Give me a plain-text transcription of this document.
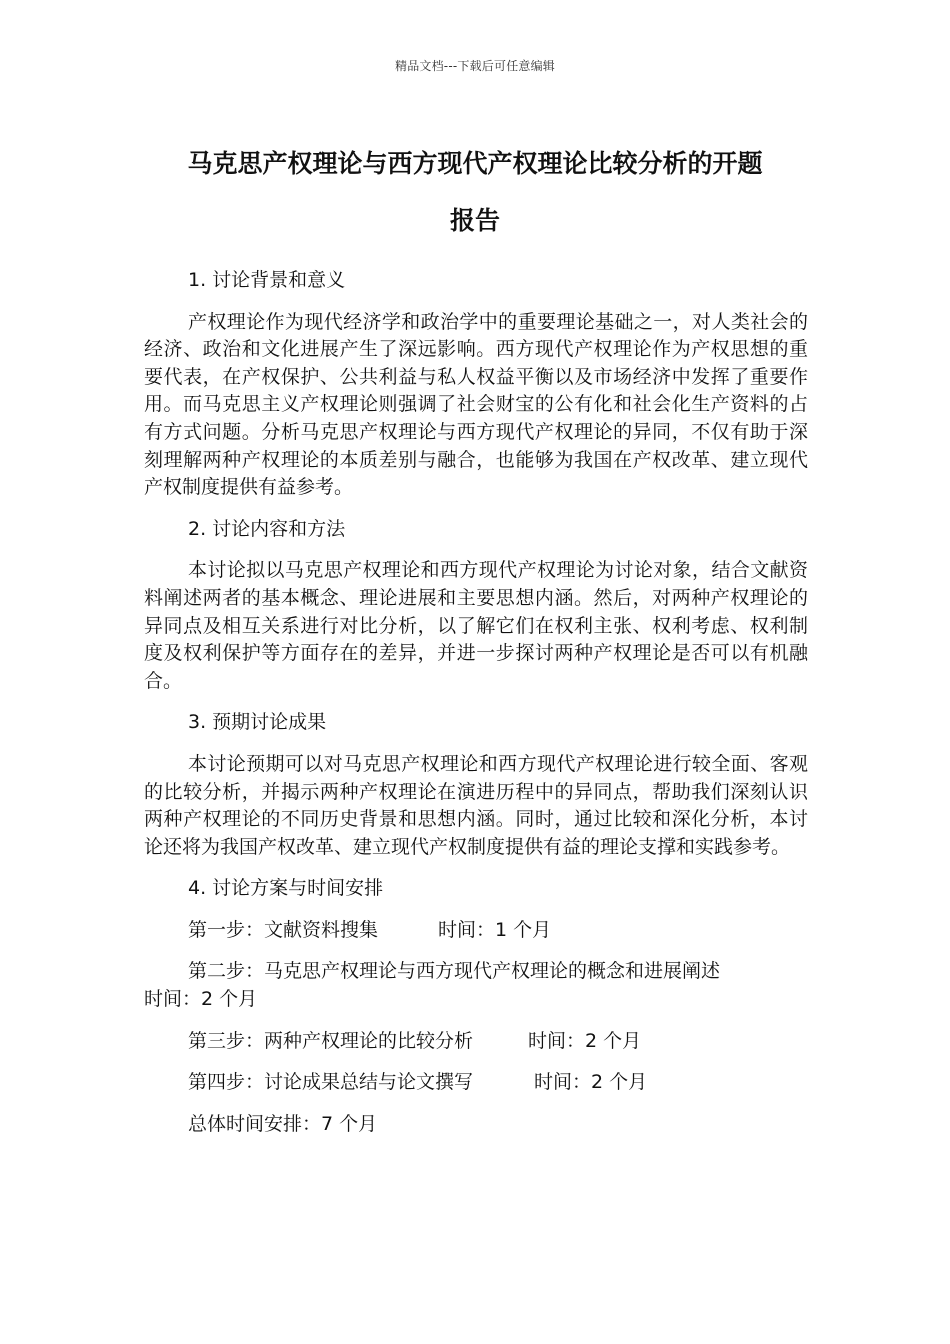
精品文档---下载后可任意编辑
马克思产权理论与西方现代产权理论比较分析的开题
报告

1. 讨论背景和意义

产权理论作为现代经济学和政治学中的重要理论基础之一，对人类社会的经济、政治和文化进展产生了深远影响。西方现代产权理论作为产权思想的重要代表，在产权保护、公共利益与私人权益平衡以及市场经济中发挥了重要作用。而马克思主义产权理论则强调了社会财宝的公有化和社会化生产资料的占有方式问题。分析马克思产权理论与西方现代产权理论的异同，不仅有助于深刻理解两种产权理论的本质差别与融合，也能够为我国在产权改革、建立现代产权制度提供有益参考。

2. 讨论内容和方法

本讨论拟以马克思产权理论和西方现代产权理论为讨论对象，结合文献资料阐述两者的基本概念、理论进展和主要思想内涵。然后，对两种产权理论的异同点及相互关系进行对比分析，以了解它们在权利主张、权利考虑、权利制度及权利保护等方面存在的差异，并进一步探讨两种产权理论是否可以有机融合。

3. 预期讨论成果

本讨论预期可以对马克思产权理论和西方现代产权理论进行较全面、客观的比较分析，并揭示两种产权理论在演进历程中的异同点，帮助我们深刻认识两种产权理论的不同历史背景和思想内涵。同时，通过比较和深化分析，本讨论还将为我国产权改革、建立现代产权制度提供有益的理论支撑和实践参考。

4. 讨论方案与时间安排

第一步：文献资料搜集	时间：1 个月

第二步：马克思产权理论与西方现代产权理论的概念和进展阐述
时间：2 个月

第三步：两种产权理论的比较分析	时间：2 个月

第四步：讨论成果总结与论文撰写	时间：2 个月

总体时间安排：7 个月
